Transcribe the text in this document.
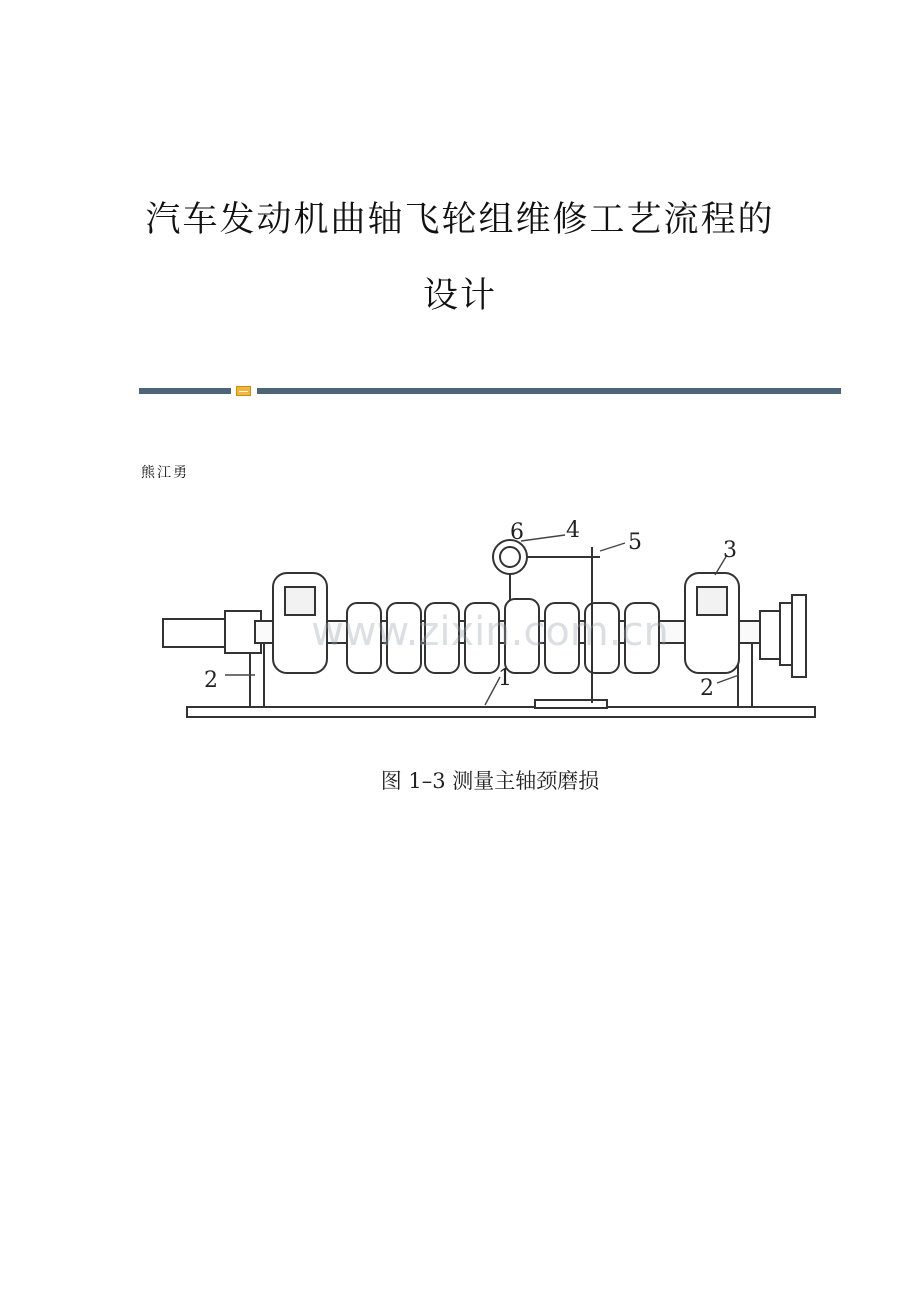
汽车发动机曲轴飞轮组维修工艺流程的
设计
熊江勇
6 4 5	3
2	1	2
www.zixin.com.cn
图 1–3 测量主轴颈磨损
